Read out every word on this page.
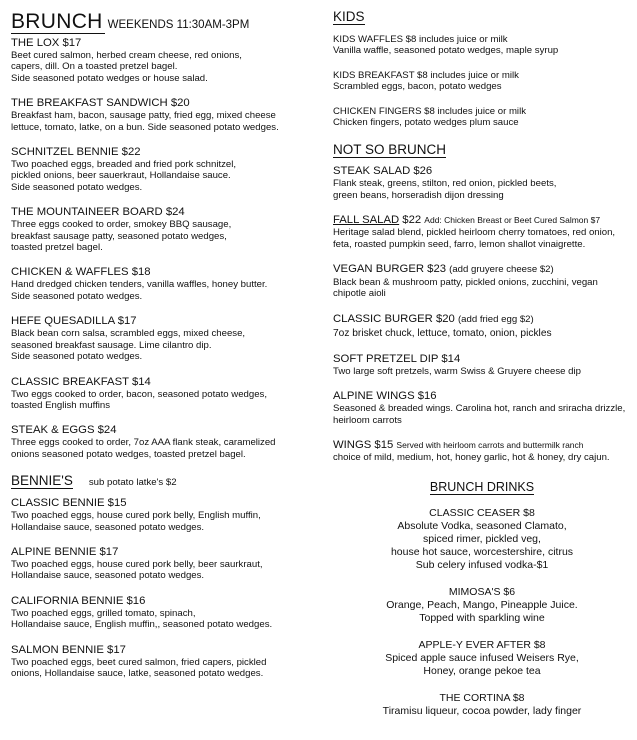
BRUNCH WEEKENDS 11:30AM-3PM
THE LOX $17
Beet cured salmon, herbed cream cheese, red onions,
capers, dill. On a toasted pretzel bagel.
Side seasoned potato wedges or house salad.
THE BREAKFAST SANDWICH $20
Breakfast ham, bacon, sausage patty, fried egg, mixed cheese
lettuce, tomato, latke, on a bun. Side seasoned potato wedges.
SCHNITZEL BENNIE $22
Two poached eggs, breaded and fried pork schnitzel,
pickled onions, beer sauerkraut, Hollandaise sauce.
Side seasoned potato wedges.
THE MOUNTAINEER BOARD $24
Three eggs cooked to order, smokey BBQ sausage,
breakfast sausage patty, seasoned potato wedges,
toasted pretzel bagel.
CHICKEN & WAFFLES $18
Hand dredged chicken tenders, vanilla waffles, honey butter.
Side seasoned potato wedges.
HEFE QUESADILLA $17
Black bean corn salsa, scrambled eggs, mixed cheese,
seasoned breakfast sausage. Lime cilantro dip.
Side seasoned potato wedges.
CLASSIC BREAKFAST $14
Two eggs cooked to order, bacon, seasoned potato wedges,
toasted English muffins
STEAK & EGGS $24
Three eggs cooked to order, 7oz AAA flank steak, caramelized
onions seasoned potato wedges, toasted pretzel bagel.
BENNIE'S sub potato latke's $2
CLASSIC BENNIE $15
Two poached eggs, house cured pork belly, English muffin,
Hollandaise sauce, seasoned potato wedges.
ALPINE BENNIE $17
Two poached eggs, house cured pork belly, beer saurkraut,
Hollandaise sauce, seasoned potato wedges.
CALIFORNIA BENNIE $16
Two poached eggs, grilled tomato, spinach,
Hollandaise sauce, English muffin,, seasoned potato wedges.
SALMON BENNIE $17
Two poached eggs, beet cured salmon, fried capers, pickled
onions, Hollandaise sauce, latke, seasoned potato wedges.
KIDS
KIDS WAFFLES $8 includes juice or milk
Vanilla waffle, seasoned potato wedges, maple syrup
KIDS BREAKFAST $8 includes juice or milk
Scrambled eggs, bacon, potato wedges
CHICKEN FINGERS $8 includes juice or milk
Chicken fingers, potato wedges plum sauce
NOT SO BRUNCH
STEAK SALAD $26
Flank steak, greens, stilton, red onion, pickled beets,
green beans, horseradish dijon dressing
FALL SALAD $22 Add: Chicken Breast or Beet Cured Salmon $7
Heritage salad blend, pickled heirloom cherry tomatoes, red onion,
feta, roasted pumpkin seed, farro, lemon shallot vinaigrette.
VEGAN BURGER $23 (add gruyere cheese $2)
Black bean & mushroom patty, pickled onions, zucchini, vegan
chipotle aioli
CLASSIC BURGER $20 (add fried egg $2)
7oz brisket chuck, lettuce, tomato, onion, pickles
SOFT PRETZEL DIP $14
Two large soft pretzels, warm Swiss & Gruyere cheese dip
ALPINE WINGS $16
Seasoned & breaded wings. Carolina hot, ranch and sriracha drizzle,
heirloom carrots
WINGS $15 Served with heirloom carrots and buttermilk ranch
choice of mild, medium, hot, honey garlic, hot & honey, dry cajun.
BRUNCH DRINKS
CLASSIC CEASER $8
Absolute Vodka, seasoned Clamato,
spiced rimer, pickled veg,
house hot sauce, worcestershire, citrus
Sub celery infused vodka-$1
MIMOSA'S $6
Orange, Peach, Mango, Pineapple Juice.
Topped with sparkling wine
APPLE-Y EVER AFTER $8
Spiced apple sauce infused Weisers Rye,
Honey, orange pekoe tea
THE CORTINA $8
Tiramisu liqueur, cocoa powder, lady finger
